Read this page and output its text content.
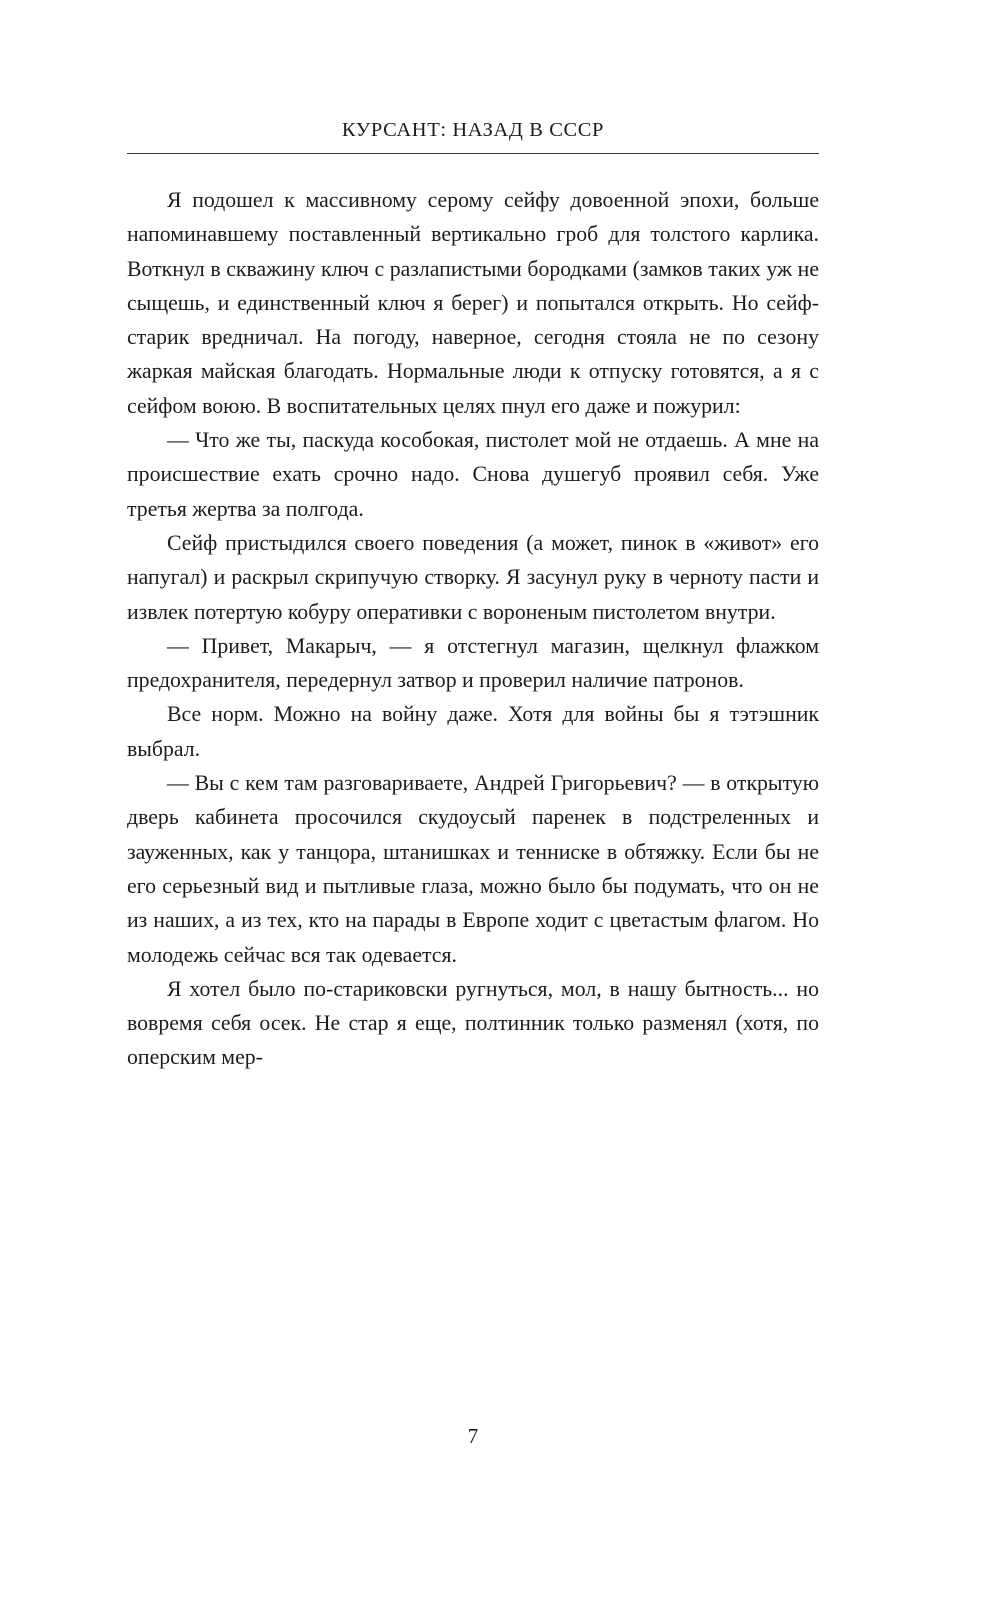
КУРСАНТ: НАЗАД В СССР

Я подошел к массивному серому сейфу довоенной эпохи, больше напоминавшему поставленный вертикально гроб для толстого карлика. Воткнул в скважину ключ с разлапистыми бородками (замков таких уж не сыщешь, и единственный ключ я берег) и попытался открыть. Но сейф-старик вредничал. На погоду, наверное, сегодня стояла не по сезону жаркая майская благодать. Нормальные люди к отпуску готовятся, а я с сейфом воюю. В воспитательных целях пнул его даже и пожурил:

— Что же ты, паскуда кособокая, пистолет мой не отдаешь. А мне на происшествие ехать срочно надо. Снова душегуб проявил себя. Уже третья жертва за полгода.

Сейф пристыдился своего поведения (а может, пинок в «живот» его напугал) и раскрыл скрипучую створку. Я засунул руку в черноту пасти и извлек потертую кобуру оперативки с вороненым пистолетом внутри.

— Привет, Макарыч, — я отстегнул магазин, щелкнул флажком предохранителя, передернул затвор и проверил наличие патронов.

Все норм. Можно на войну даже. Хотя для войны бы я тэтэшник выбрал.

— Вы с кем там разговариваете, Андрей Григорьевич? — в открытую дверь кабинета просочился скудоусый паренек в подстреленных и зауженных, как у танцора, штанишках и тенниске в обтяжку. Если бы не его серьезный вид и пытливые глаза, можно было бы подумать, что он не из наших, а из тех, кто на парады в Европе ходит с цветастым флагом. Но молодежь сейчас вся так одевается.

Я хотел было по-стариковски ругнуться, мол, в нашу бытность... но вовремя себя осек. Не стар я еще, полтинник только разменял (хотя, по оперским мер-

7
